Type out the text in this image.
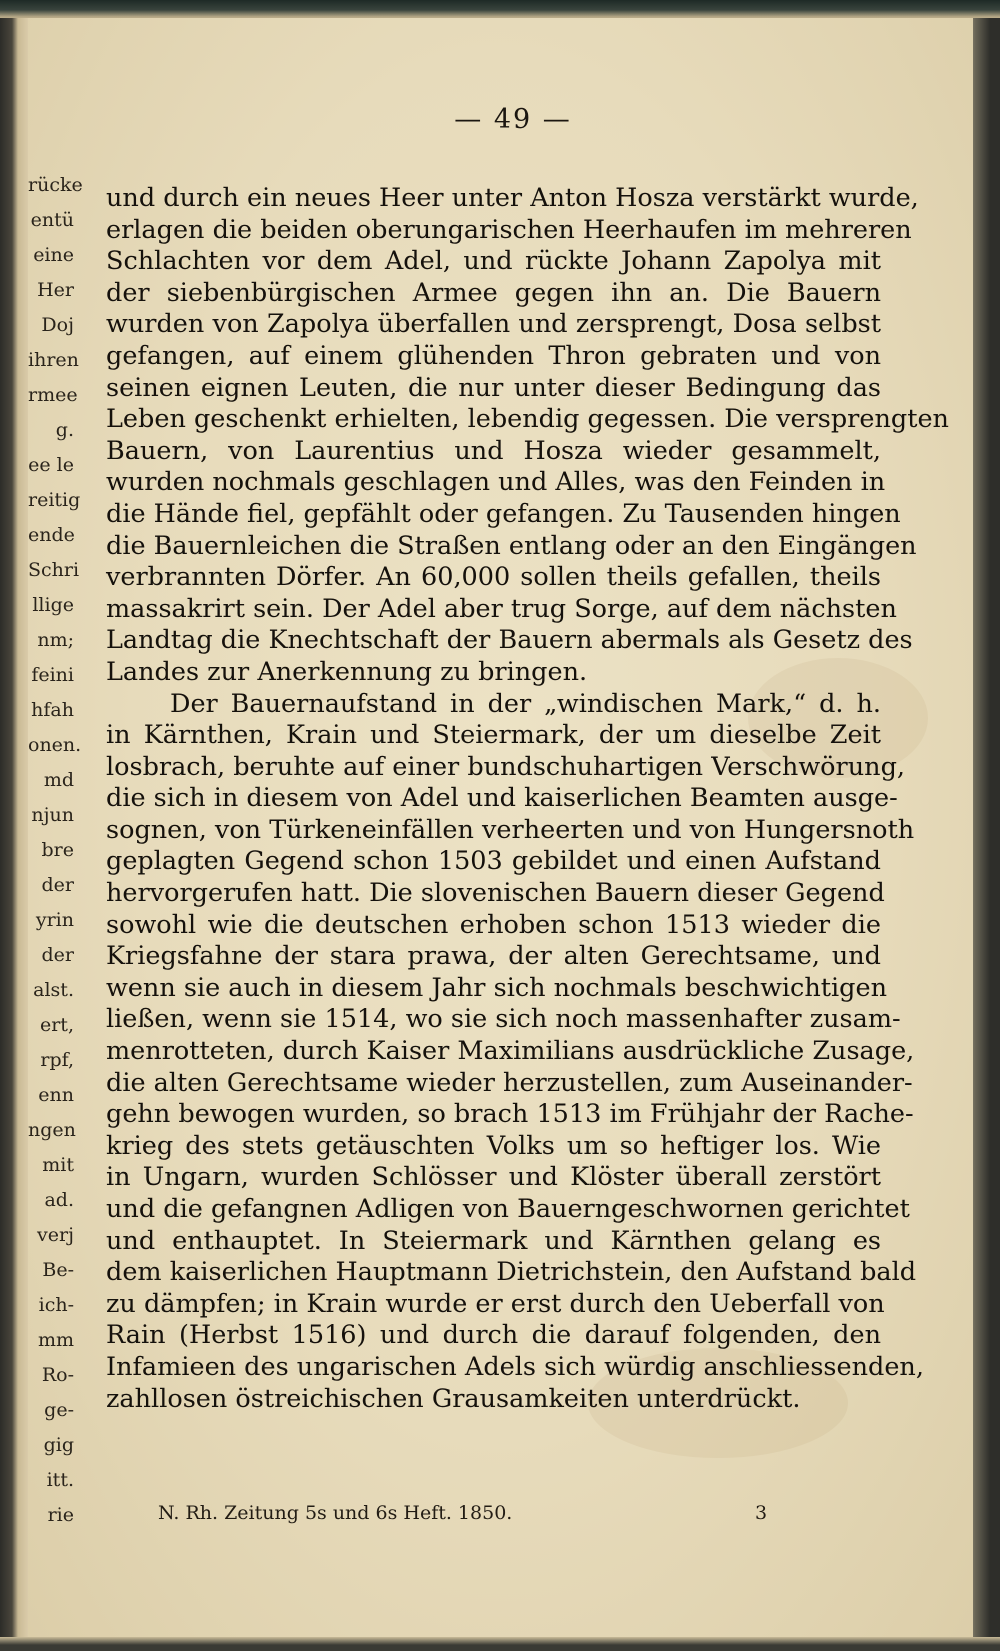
rücke
entü
eine
Her
Doj
ihren
rmee
g.
ee le
reitig
ende
Schri
llige
nm;
feini
hfah
onen.
md
njun
bre
der
yrin
der
alst.
ert,
rpf,
enn
ngen
mit
ad.
verj
Be-
ich-
mm
Ro-
ge-
gig
itt.
rie
— 49 —
und durch ein neues Heer unter Anton Hosza verstärkt wurde,
erlagen die beiden oberungarischen Heerhaufen im mehreren
Schlachten vor dem Adel, und rückte Johann Zapolya mit
der siebenbürgischen Armee gegen ihn an. Die Bauern
wurden von Zapolya überfallen und zersprengt, Dosa selbst
gefangen, auf einem glühenden Thron gebraten und von
seinen eignen Leuten, die nur unter dieser Bedingung das
Leben geschenkt erhielten, lebendig gegessen. Die versprengten
Bauern, von Laurentius und Hosza wieder gesammelt,
wurden nochmals geschlagen und Alles, was den Feinden in
die Hände fiel, gepfählt oder gefangen. Zu Tausenden hingen
die Bauernleichen die Straßen entlang oder an den Eingängen
verbrannten Dörfer. An 60,000 sollen theils gefallen, theils
massakrirt sein. Der Adel aber trug Sorge, auf dem nächsten
Landtag die Knechtschaft der Bauern abermals als Gesetz des
Landes zur Anerkennung zu bringen.
Der Bauernaufstand in der „windischen Mark,“ d. h.
in Kärnthen, Krain und Steiermark, der um dieselbe Zeit
losbrach, beruhte auf einer bundschuhartigen Verschwörung,
die sich in diesem von Adel und kaiserlichen Beamten ausge-
sognen, von Türkeneinfällen verheerten und von Hungersnoth
geplagten Gegend schon 1503 gebildet und einen Aufstand
hervorgerufen hatt. Die slovenischen Bauern dieser Gegend
sowohl wie die deutschen erhoben schon 1513 wieder die
Kriegsfahne der stara prawa, der alten Gerechtsame, und
wenn sie auch in diesem Jahr sich nochmals beschwichtigen
ließen, wenn sie 1514, wo sie sich noch massenhafter zusam-
menrotteten, durch Kaiser Maximilians ausdrückliche Zusage,
die alten Gerechtsame wieder herzustellen, zum Auseinander-
gehn bewogen wurden, so brach 1513 im Frühjahr der Rache-
krieg des stets getäuschten Volks um so heftiger los. Wie
in Ungarn, wurden Schlösser und Klöster überall zerstört
und die gefangnen Adligen von Bauerngeschwornen gerichtet
und enthauptet. In Steiermark und Kärnthen gelang es
dem kaiserlichen Hauptmann Dietrichstein, den Aufstand bald
zu dämpfen; in Krain wurde er erst durch den Ueberfall von
Rain (Herbst 1516) und durch die darauf folgenden, den
Infamieen des ungarischen Adels sich würdig anschliessenden,
zahllosen östreichischen Grausamkeiten unterdrückt.
N. Rh. Zeitung 5s und 6s Heft. 1850.	3
